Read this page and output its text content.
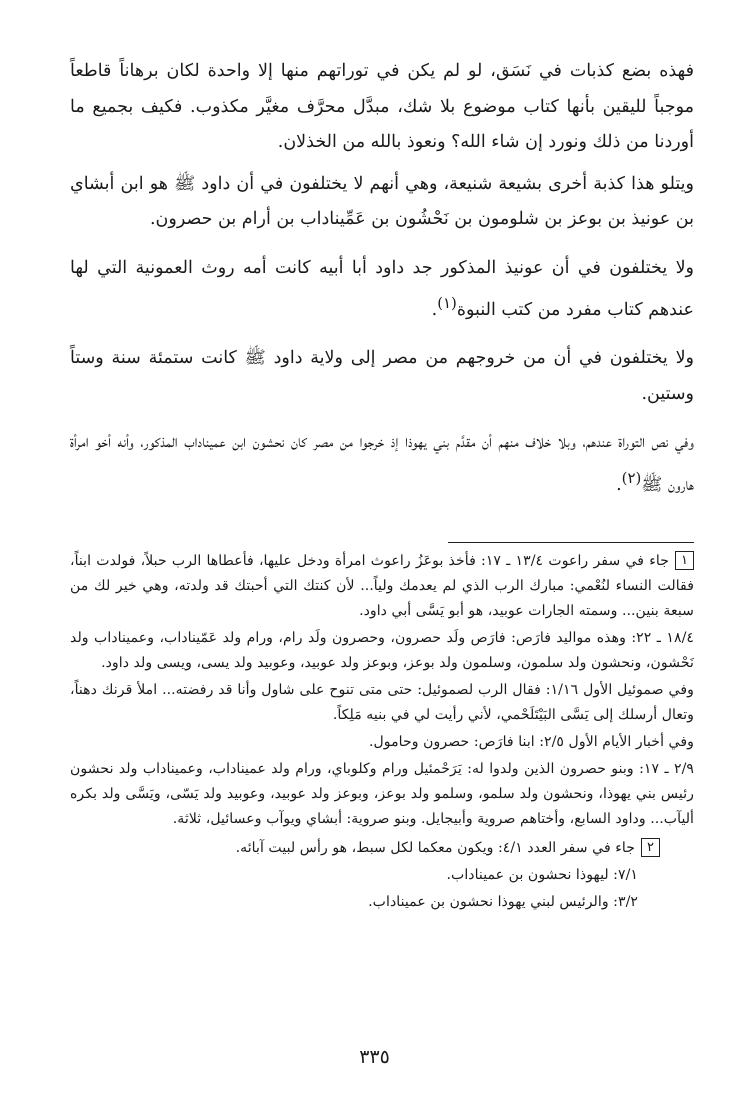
فهذه بضع كذبات في نَسَق، لو لم يكن في توراتهم منها إلا واحدة لكان برهاناً قاطعاً موجباً لليقين بأنها كتاب موضوع بلا شك، مبدَّل محرَّف مغيَّر مكذوب. فكيف بجميع ما أوردنا من ذلك ونورد إن شاء الله؟ ونعوذ بالله من الخذلان.

ويتلو هذا كذبة أخرى بشيعة شنيعة، وهي أنهم لا يختلفون في أن داود ﷺ هو ابن أبشاي بن عونيذ بن بوعز بن شلومون بن نَحْشُون بن عَمِّيناداب بن أرام بن حصرون.

ولا يختلفون في أن عونيذ المذكور جد داود أبا أبيه كانت أمه روث العمونية التي لها عندهم كتاب مفرد من كتب النبوة$^{(١)}$.

ولا يختلفون في أن من خروجهم من مصر إلى ولاية داود ﷺ كانت ستمئة سنة وستاً وستين.

وفي نص التوراة عندهم، وبلا خلاف منهم أن مقدَّم بني يهوذا إذ خرجوا من مصر كان نحشون ابن عميناداب المذكور، وأنه أخو امرأة هارون ﷺ$^{(٢)}$.

١جاء في سفر راعوت ١٣/٤ ـ ١٧: فأخذ بوعَزُ راعوث امرأة ودخل عليها، فأعطاها الرب حبلاً، فولدت ابناً، فقالت النساء لنُعْمي: مبارك الرب الذي لم يعدمك ولياً... لأن كنتك التي أحبتك قد ولدته، وهي خير لك من سبعة بنين... وسمته الجارات عوبيد، هو أبو يَسَّى أبي داود.

١٨/٤ ـ ٢٢: وهذه مواليد فارَص: فارَص ولَد حصرون، وحصرون ولَد رام، ورام ولد عَمّيناداب، وعميناداب ولد نَحْشون، ونحشون ولد سلمون، وسلمون ولد بوعز، وبوعز ولد عوبيد، وعوبيد ولد يسى، ويسى ولد داود.

وفي صموئيل الأول ١/١٦: فقال الرب لصموئيل: حتى متى تنوح على شاول وأنا قد رفضته... املأ قرنك دهناً، وتعال أرسلك إلى يَسَّى البَيْتَلَحْمي، لأني رأيت لي في بنيه مَلِكاً.

وفي أخبار الأيام الأول ٢/٥: ابنا فارَص: حصرون وحامول.

٢/٩ ـ ١٧: وبنو حصرون الذين ولدوا له: يَرَحْمئيل ورام وكلوباي، ورام ولد عميناداب، وعميناداب ولد نحشون رئيس بني يهوذا، ونحشون ولد سلمو، وسلمو ولد بوعز، وبوعز ولد عوبيد، وعوبيد ولد يَسّى، ويَسَّى ولد بكره أليآب... وداود السابع، وأختاهم صروية وأبيجايل. وبنو صروية: أبشاي ويوآب وعسائيل، ثلاثة.

٢جاء في سفر العدد ٤/١: ويكون معكما لكل سبط، هو رأس لبيت آبائه.

٧/١: ليهوذا نحشون بن عميناداب.

٣/٢: والرئيس لبني يهوذا نحشون بن عميناداب.

٣٣٥
